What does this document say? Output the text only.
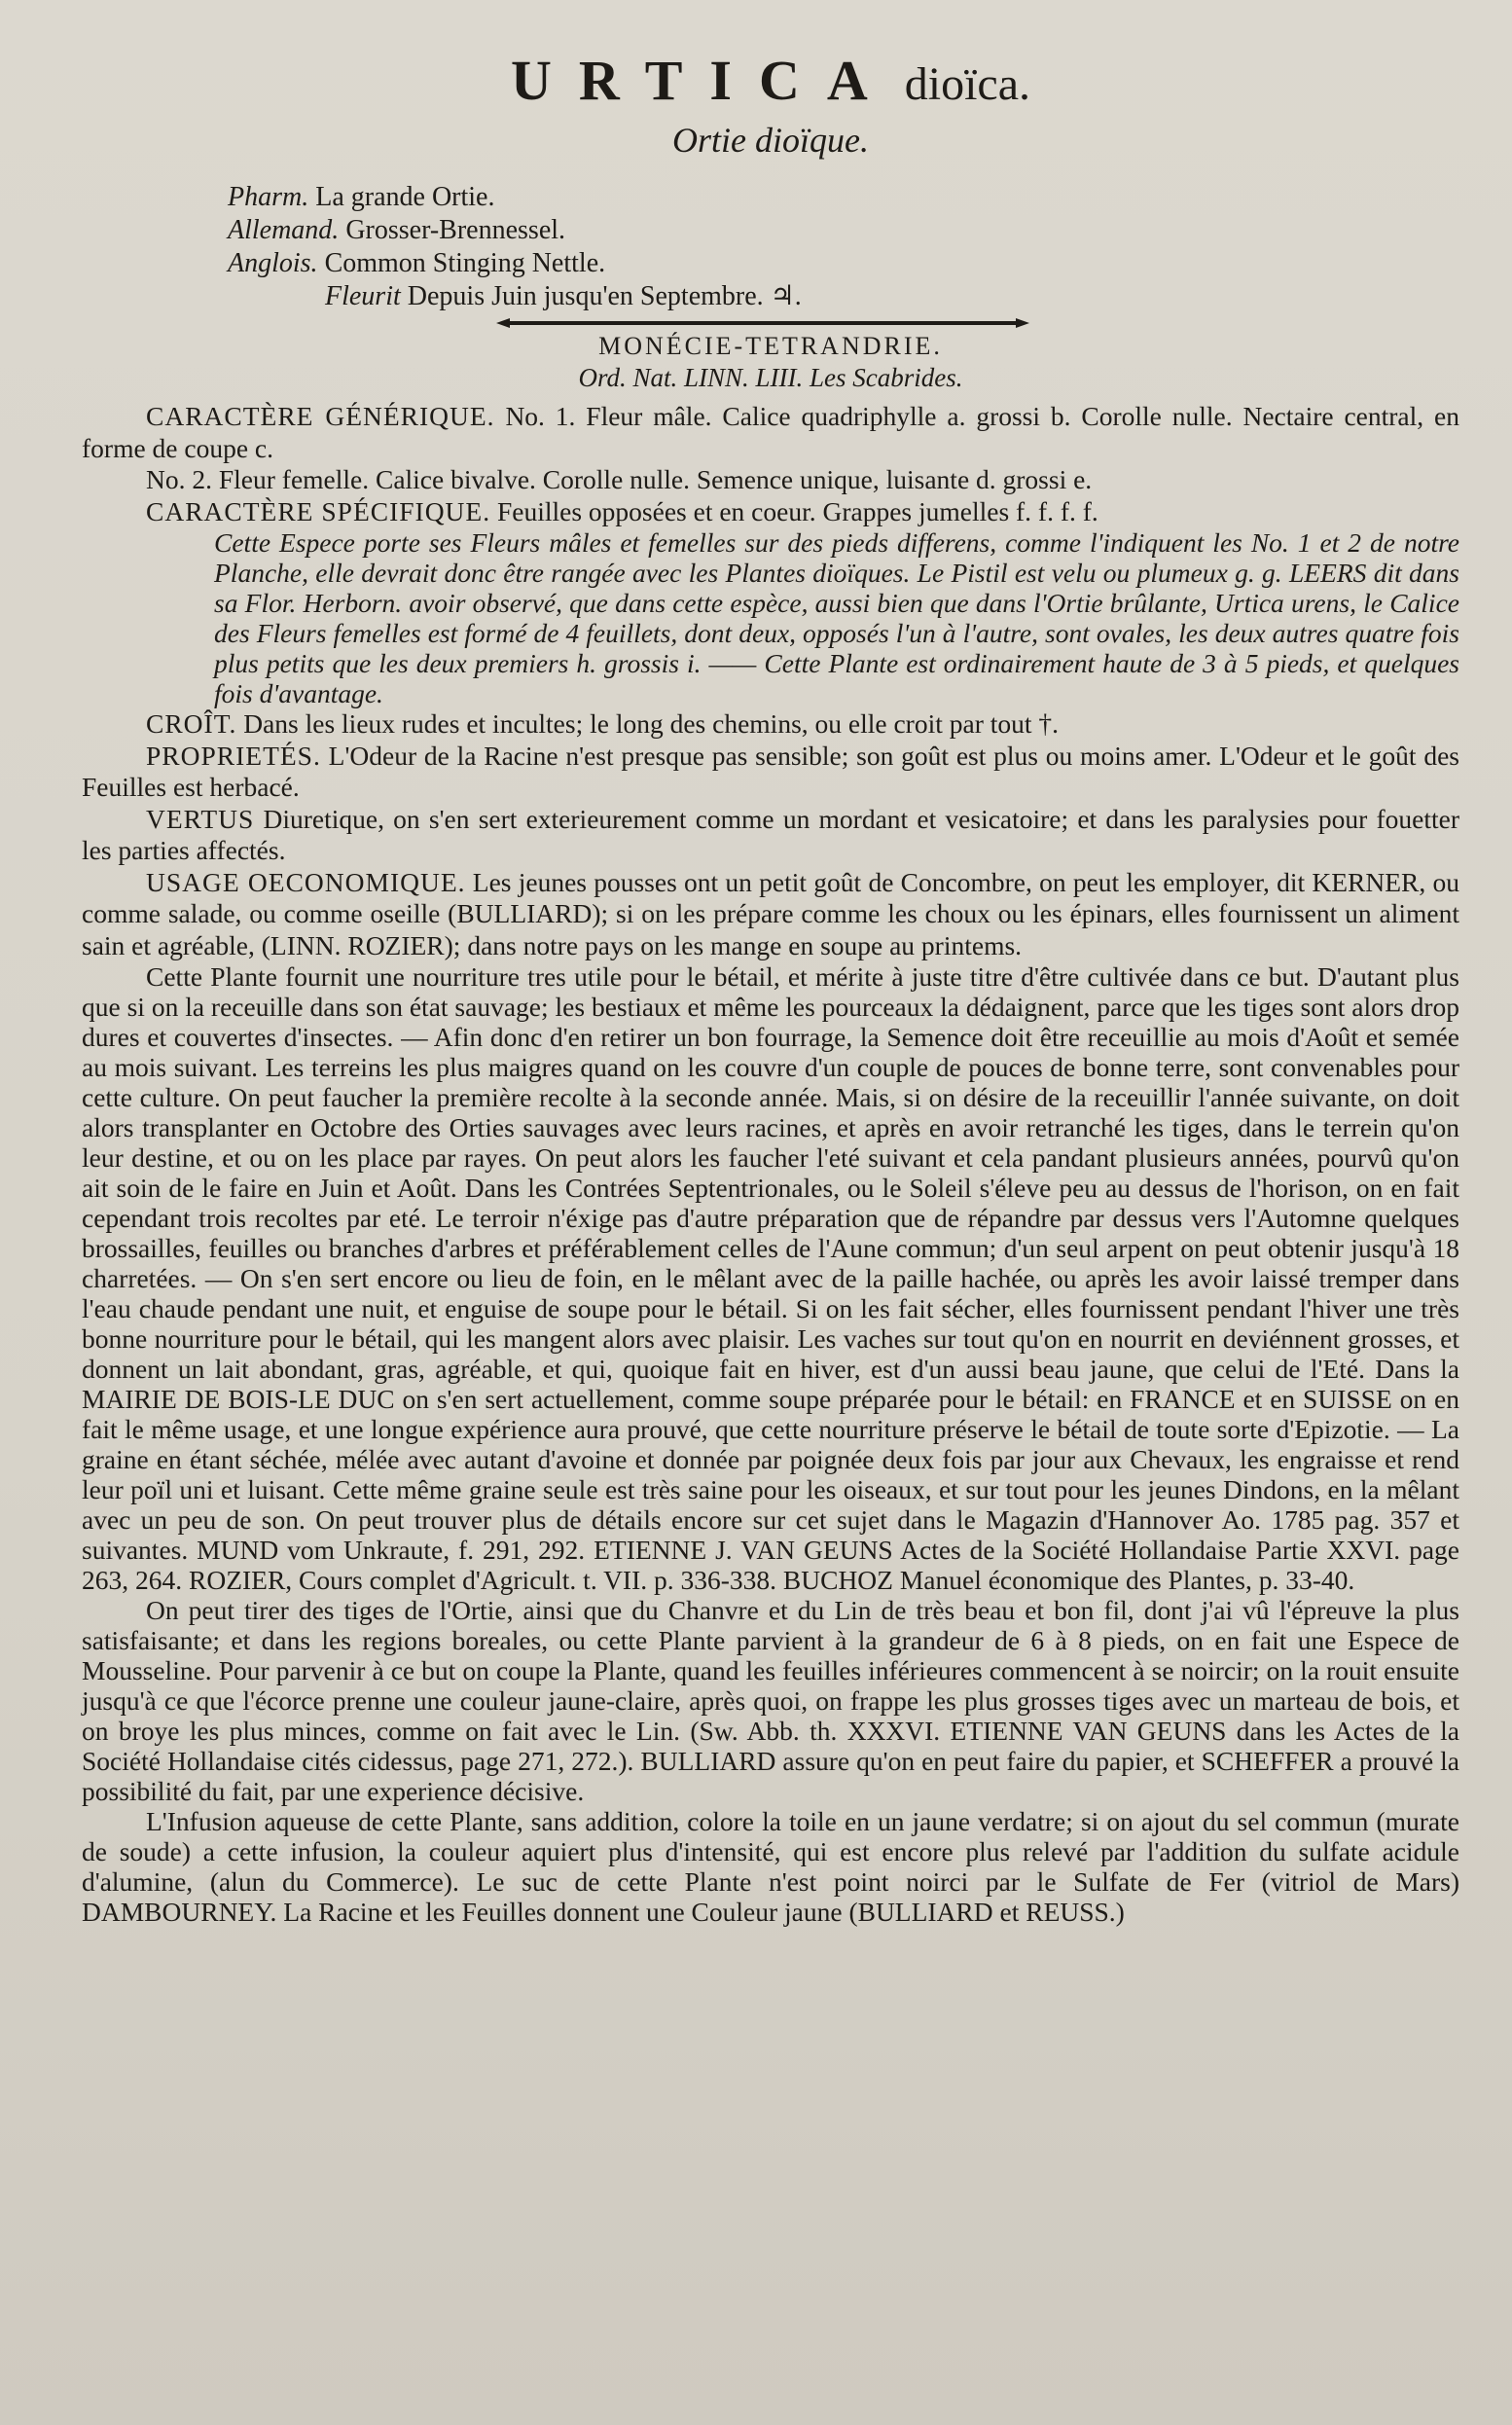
URTICA dioïca.
Ortie dioïque.
Pharm. La grande Ortie.
Allemand. Grosser-Brennessel.
Anglois. Common Stinging Nettle.
Fleurit Depuis Juin jusqu'en Septembre. ♃.
MONÉCIE-TETRANDRIE.
Ord. Nat. LINN. LIII. Les Scabrides.

CARACTÈRE GÉNÉRIQUE. No. 1. Fleur mâle. Calice quadriphylle a. grossi b. Corolle nulle. Nectaire central, en forme de coupe c.

No. 2. Fleur femelle. Calice bivalve. Corolle nulle. Semence unique, luisante d. grossi e.

CARACTÈRE SPÉCIFIQUE. Feuilles opposées et en coeur. Grappes jumelles f. f. f. f.

Cette Espece porte ses Fleurs mâles et femelles sur des pieds differens, comme l'indiquent les No. 1 et 2 de notre Planche, elle devrait donc être rangée avec les Plantes dioïques. Le Pistil est velu ou plumeux g. g. LEERS dit dans sa Flor. Herborn. avoir observé, que dans cette espèce, aussi bien que dans l'Ortie brûlante, Urtica urens, le Calice des Fleurs femelles est formé de 4 feuillets, dont deux, opposés l'un à l'autre, sont ovales, les deux autres quatre fois plus petits que les deux premiers h. grossis i. —— Cette Plante est ordinairement haute de 3 à 5 pieds, et quelques fois d'avantage.

CROÎT. Dans les lieux rudes et incultes; le long des chemins, ou elle croit par tout †.

PROPRIETÉS. L'Odeur de la Racine n'est presque pas sensible; son goût est plus ou moins amer. L'Odeur et le goût des Feuilles est herbacé.

VERTUS Diuretique, on s'en sert exterieurement comme un mordant et vesicatoire; et dans les paralysies pour fouetter les parties affectés.

USAGE OECONOMIQUE. Les jeunes pousses ont un petit goût de Concombre, on peut les employer, dit KERNER, ou comme salade, ou comme oseille (BULLIARD); si on les prépare comme les choux ou les épinars, elles fournissent un aliment sain et agréable, (LINN. ROZIER); dans notre pays on les mange en soupe au printems.

Cette Plante fournit une nourriture tres utile pour le bétail, et mérite à juste titre d'être cultivée dans ce but. D'autant plus que si on la receuille dans son état sauvage; les bestiaux et même les pourceaux la dédaignent, parce que les tiges sont alors drop dures et couvertes d'insectes. — Afin donc d'en retirer un bon fourrage, la Semence doit être receuillie au mois d'Août et semée au mois suivant. Les terreins les plus maigres quand on les couvre d'un couple de pouces de bonne terre, sont convenables pour cette culture. On peut faucher la première recolte à la seconde année. Mais, si on désire de la receuillir l'année suivante, on doit alors transplanter en Octobre des Orties sauvages avec leurs racines, et après en avoir retranché les tiges, dans le terrein qu'on leur destine, et ou on les place par rayes. On peut alors les faucher l'eté suivant et cela pandant plusieurs années, pourvû qu'on ait soin de le faire en Juin et Août. Dans les Contrées Septentrionales, ou le Soleil s'éleve peu au dessus de l'horison, on en fait cependant trois recoltes par eté. Le terroir n'éxige pas d'autre préparation que de répandre par dessus vers l'Automne quelques brossailles, feuilles ou branches d'arbres et préférablement celles de l'Aune commun; d'un seul arpent on peut obtenir jusqu'à 18 charretées. — On s'en sert encore ou lieu de foin, en le mêlant avec de la paille hachée, ou après les avoir laissé tremper dans l'eau chaude pendant une nuit, et enguise de soupe pour le bétail. Si on les fait sécher, elles fournissent pendant l'hiver une très bonne nourriture pour le bétail, qui les mangent alors avec plaisir. Les vaches sur tout qu'on en nourrit en deviénnent grosses, et donnent un lait abondant, gras, agréable, et qui, quoique fait en hiver, est d'un aussi beau jaune, que celui de l'Eté. Dans la MAIRIE DE BOIS-LE DUC on s'en sert actuellement, comme soupe préparée pour le bétail: en FRANCE et en SUISSE on en fait le même usage, et une longue expérience aura prouvé, que cette nourriture préserve le bétail de toute sorte d'Epizotie. — La graine en étant séchée, mélée avec autant d'avoine et donnée par poignée deux fois par jour aux Chevaux, les engraisse et rend leur poïl uni et luisant. Cette même graine seule est très saine pour les oiseaux, et sur tout pour les jeunes Dindons, en la mêlant avec un peu de son. On peut trouver plus de détails encore sur cet sujet dans le Magazin d'Hannover Ao. 1785 pag. 357 et suivantes. MUND vom Unkraute, f. 291, 292. ETIENNE J. VAN GEUNS Actes de la Société Hollandaise Partie XXVI. page 263, 264. ROZIER, Cours complet d'Agricult. t. VII. p. 336-338. BUCHOZ Manuel économique des Plantes, p. 33-40.

On peut tirer des tiges de l'Ortie, ainsi que du Chanvre et du Lin de très beau et bon fil, dont j'ai vû l'épreuve la plus satisfaisante; et dans les regions boreales, ou cette Plante parvient à la grandeur de 6 à 8 pieds, on en fait une Espece de Mousseline. Pour parvenir à ce but on coupe la Plante, quand les feuilles inférieures commencent à se noircir; on la rouit ensuite jusqu'à ce que l'écorce prenne une couleur jaune-claire, après quoi, on frappe les plus grosses tiges avec un marteau de bois, et on broye les plus minces, comme on fait avec le Lin. (Sw. Abb. th. XXXVI. ETIENNE VAN GEUNS dans les Actes de la Société Hollandaise cités cidessus, page 271, 272.). BULLIARD assure qu'on en peut faire du papier, et SCHEFFER a prouvé la possibilité du fait, par une experience décisive.

L'Infusion aqueuse de cette Plante, sans addition, colore la toile en un jaune verdatre; si on ajout du sel commun (murate de soude) a cette infusion, la couleur aquiert plus d'intensité, qui est encore plus relevé par l'addition du sulfate acidule d'alumine, (alun du Commerce). Le suc de cette Plante n'est point noirci par le Sulfate de Fer (vitriol de Mars) DAMBOURNEY. La Racine et les Feuilles donnent une Couleur jaune (BULLIARD et REUSS.)
